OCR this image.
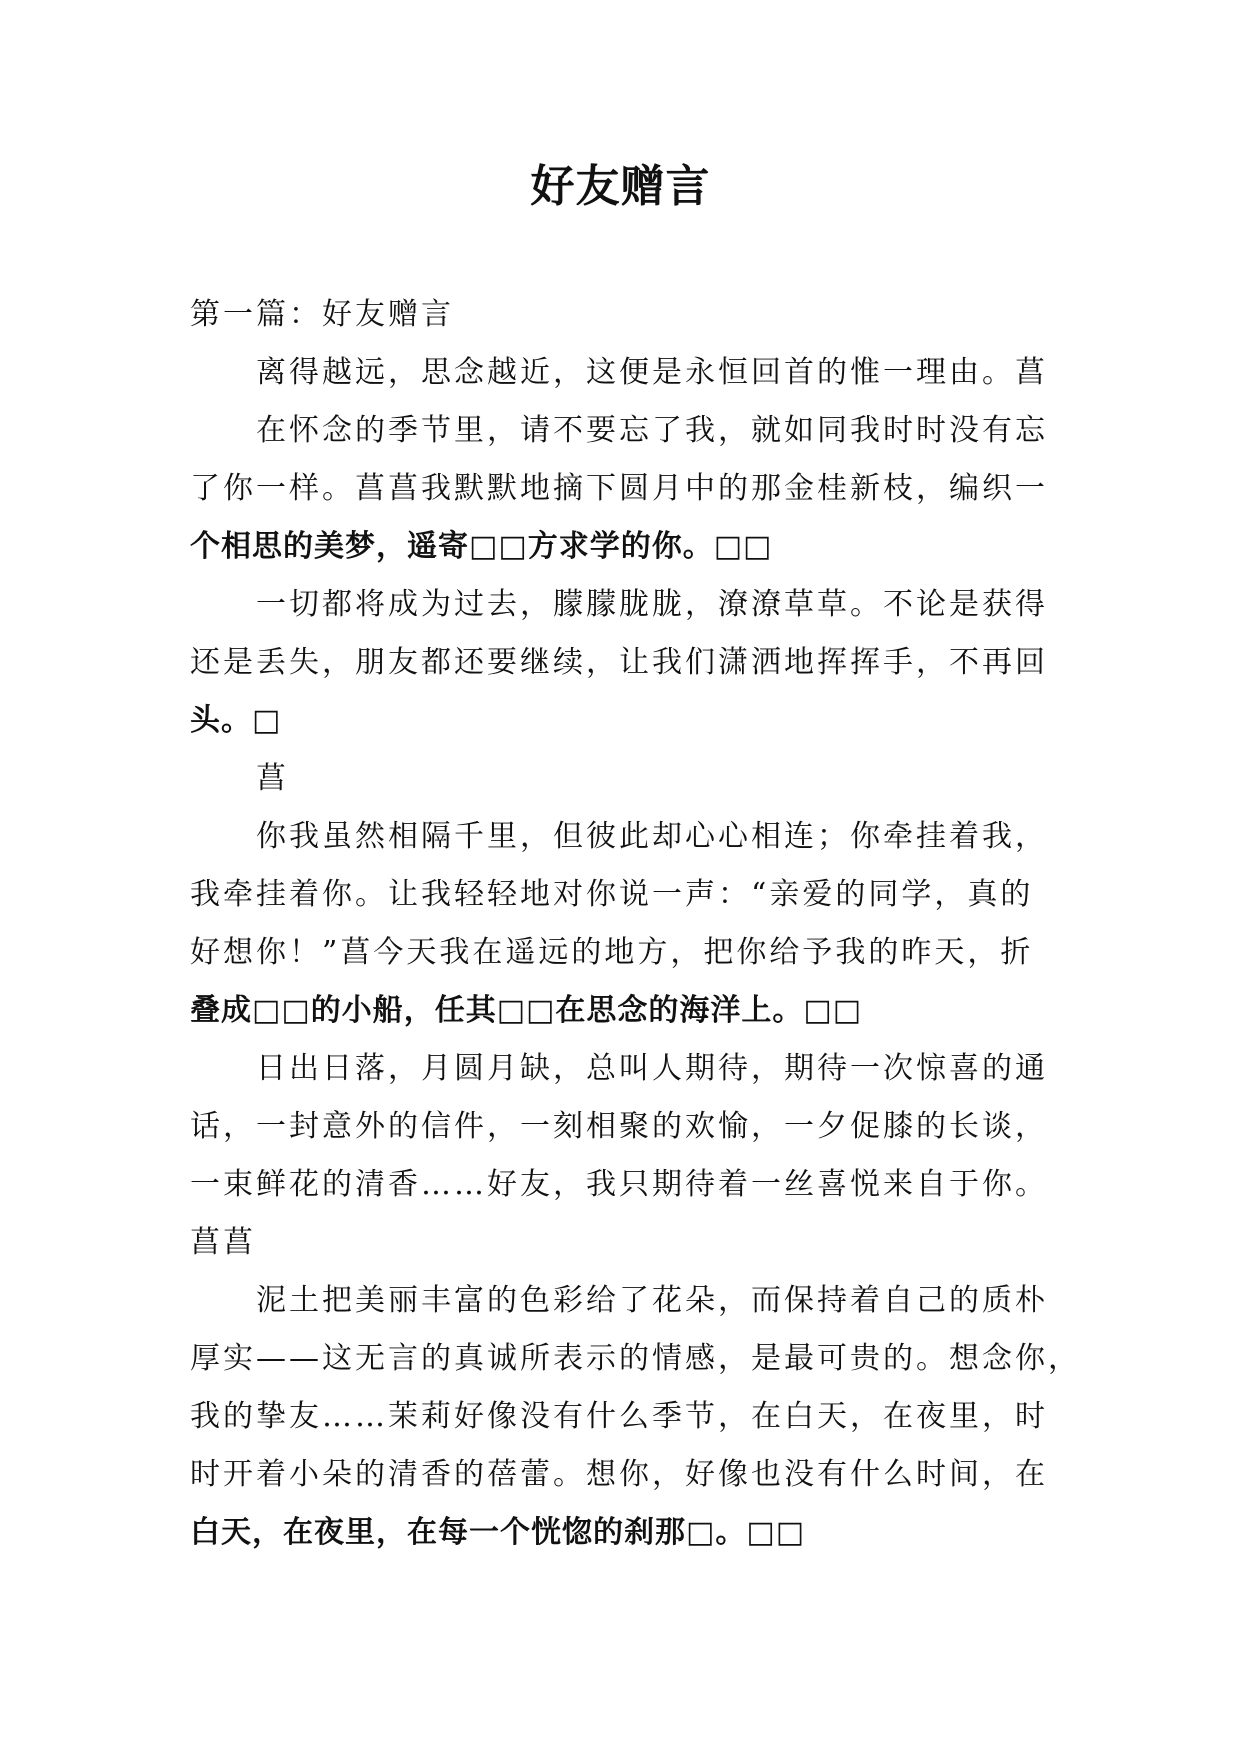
好友赠言
第一篇：好友赠言
离得越远，思念越近，这便是永恒回首的惟一理由。菖
在怀念的季节里，请不要忘了我，就如同我时时没有忘
了你一样。菖菖我默默地摘下圆月中的那金桂新枝，编织一
个相思的美梦，遥寄□□方求学的你。□□
一切都将成为过去，朦朦胧胧，潦潦草草。不论是获得
还是丢失，朋友都还要继续，让我们潇洒地挥挥手，不再回
头。□
菖
你我虽然相隔千里，但彼此却心心相连；你牵挂着我，
我牵挂着你。让我轻轻地对你说一声：“亲爱的同学，真的
好想你！”菖今天我在遥远的地方，把你给予我的昨天，折
叠成□□的小船，任其□□在思念的海洋上。□□
日出日落，月圆月缺，总叫人期待，期待一次惊喜的通
话，一封意外的信件，一刻相聚的欢愉，一夕促膝的长谈，
一束鲜花的清香……好友，我只期待着一丝喜悦来自于你。
菖菖
泥土把美丽丰富的色彩给了花朵，而保持着自己的质朴
厚实——这无言的真诚所表示的情感，是最可贵的。想念你，
我的挚友……茉莉好像没有什么季节，在白天，在夜里，时
时开着小朵的清香的蓓蕾。想你，好像也没有什么时间，在
白天，在夜里，在每一个恍惚的刹那□。□□
